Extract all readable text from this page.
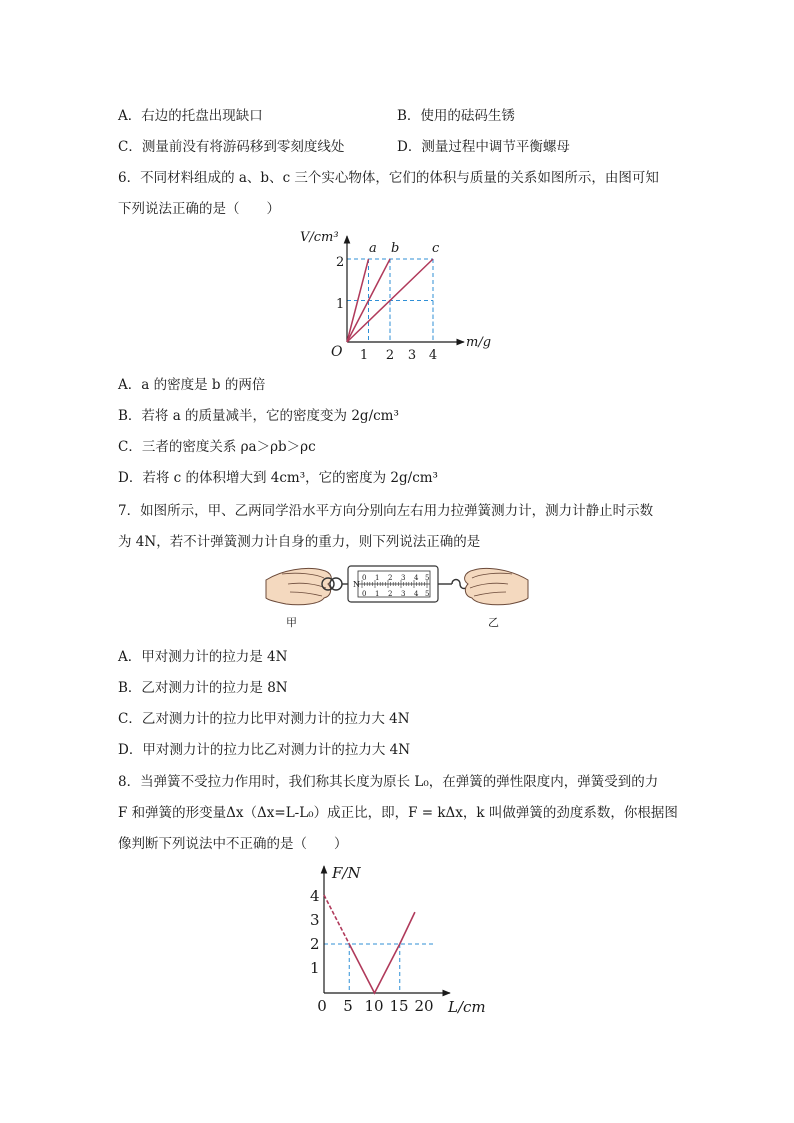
A．右边的托盘出现缺口	B．使用的砝码生锈
C．测量前没有将游码移到零刻度线处	D．测量过程中调节平衡螺母
6．不同材料组成的 a、b、c 三个实心物体，它们的体积与质量的关系如图所示，由图可知
下列说法正确的是（　　）
V/cm³
m/g
O 1 2 3 4
1
2
a b	c
A．a 的密度是 b 的两倍
B．若将 a 的质量减半，它的密度变为 2g/cm³
C．三者的密度关系 ρa＞ρb＞ρc
D．若将 c 的体积增大到 4cm³，它的密度为 2g/cm³
7．如图所示，甲、乙两同学沿水平方向分别向左右用力拉弹簧测力计，测力计静止时示数
为 4N，若不计弹簧测力计自身的重力，则下列说法正确的是
N
0 1 2 3 4 5
0 1 2 3 4 5
甲	乙
A．甲对测力计的拉力是 4N
B．乙对测力计的拉力是 8N
C．乙对测力计的拉力比甲对测力计的拉力大 4N
D．甲对测力计的拉力比乙对测力计的拉力大 4N
8．当弹簧不受拉力作用时，我们称其长度为原长 L₀，在弹簧的弹性限度内，弹簧受到的力
F 和弹簧的形变量Δx（Δx=L-L₀）成正比，即，F = kΔx，k 叫做弹簧的劲度系数，你根据图
像判断下列说法中不正确的是（　　）
F/N
L/cm
0 5 10 15 20
1
2
3
4
